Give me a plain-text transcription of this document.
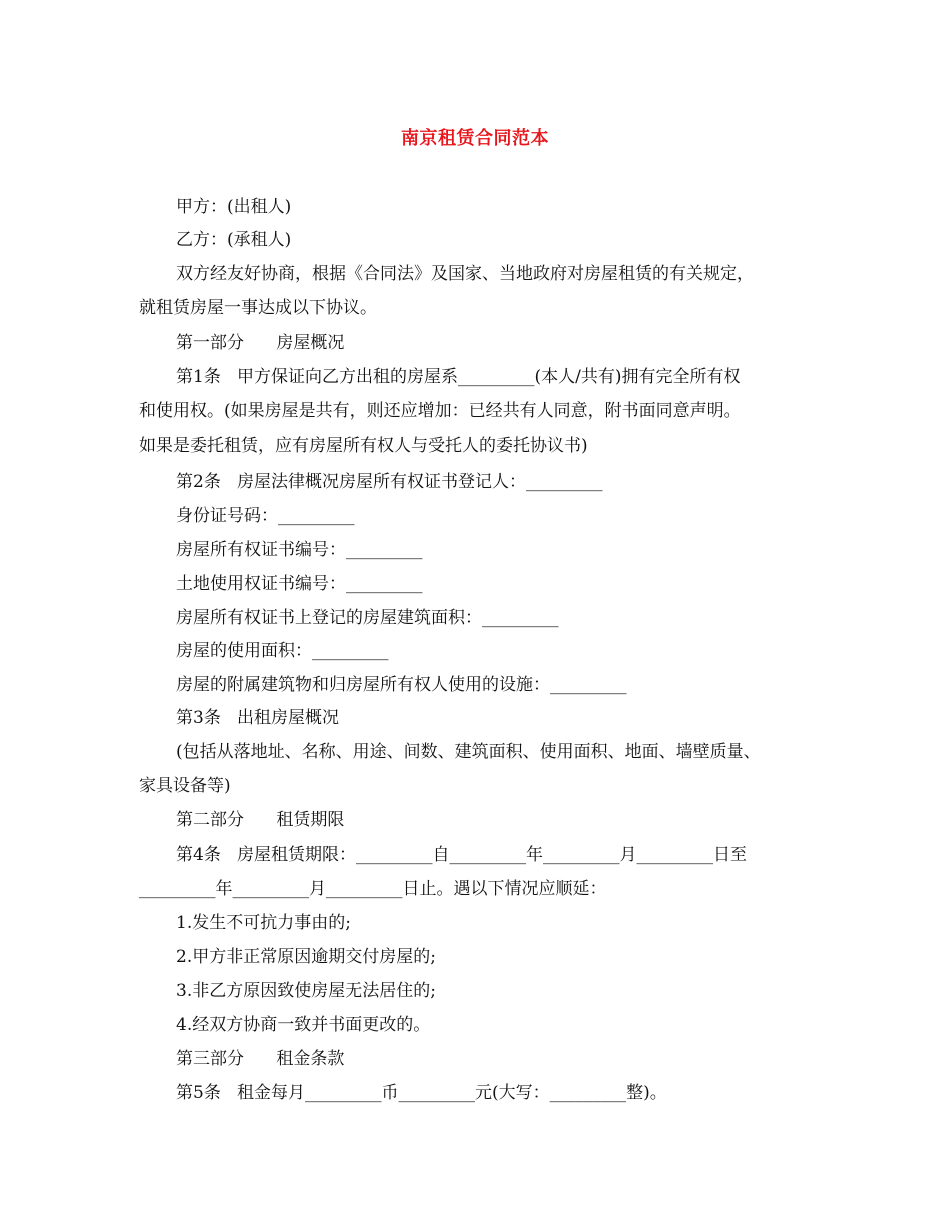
南京租赁合同范本
甲方：(出租人)
乙方：(承租人)
双方经友好协商，根据《合同法》及国家、当地政府对房屋租赁的有关规定，
就租赁房屋一事达成以下协议。
第一部分      房屋概况
第1条   甲方保证向乙方出租的房屋系_________(本人/共有)拥有完全所有权
和使用权。(如果房屋是共有，则还应增加：已经共有人同意，附书面同意声明。
如果是委托租赁，应有房屋所有权人与受托人的委托协议书)
第2条   房屋法律概况房屋所有权证书登记人：_________
身份证号码：_________
房屋所有权证书编号：_________
土地使用权证书编号：_________
房屋所有权证书上登记的房屋建筑面积：_________
房屋的使用面积：_________
房屋的附属建筑物和归房屋所有权人使用的设施：_________
第3条   出租房屋概况
(包括从落地址、名称、用途、间数、建筑面积、使用面积、地面、墙壁质量、
家具设备等)
第二部分      租赁期限
第4条   房屋租赁期限：_________自_________年_________月_________日至
_________年_________月_________日止。遇以下情况应顺延：
1.发生不可抗力事由的;
2.甲方非正常原因逾期交付房屋的;
3.非乙方原因致使房屋无法居住的;
4.经双方协商一致并书面更改的。
第三部分      租金条款
第5条   租金每月_________币_________元(大写：_________整)。
